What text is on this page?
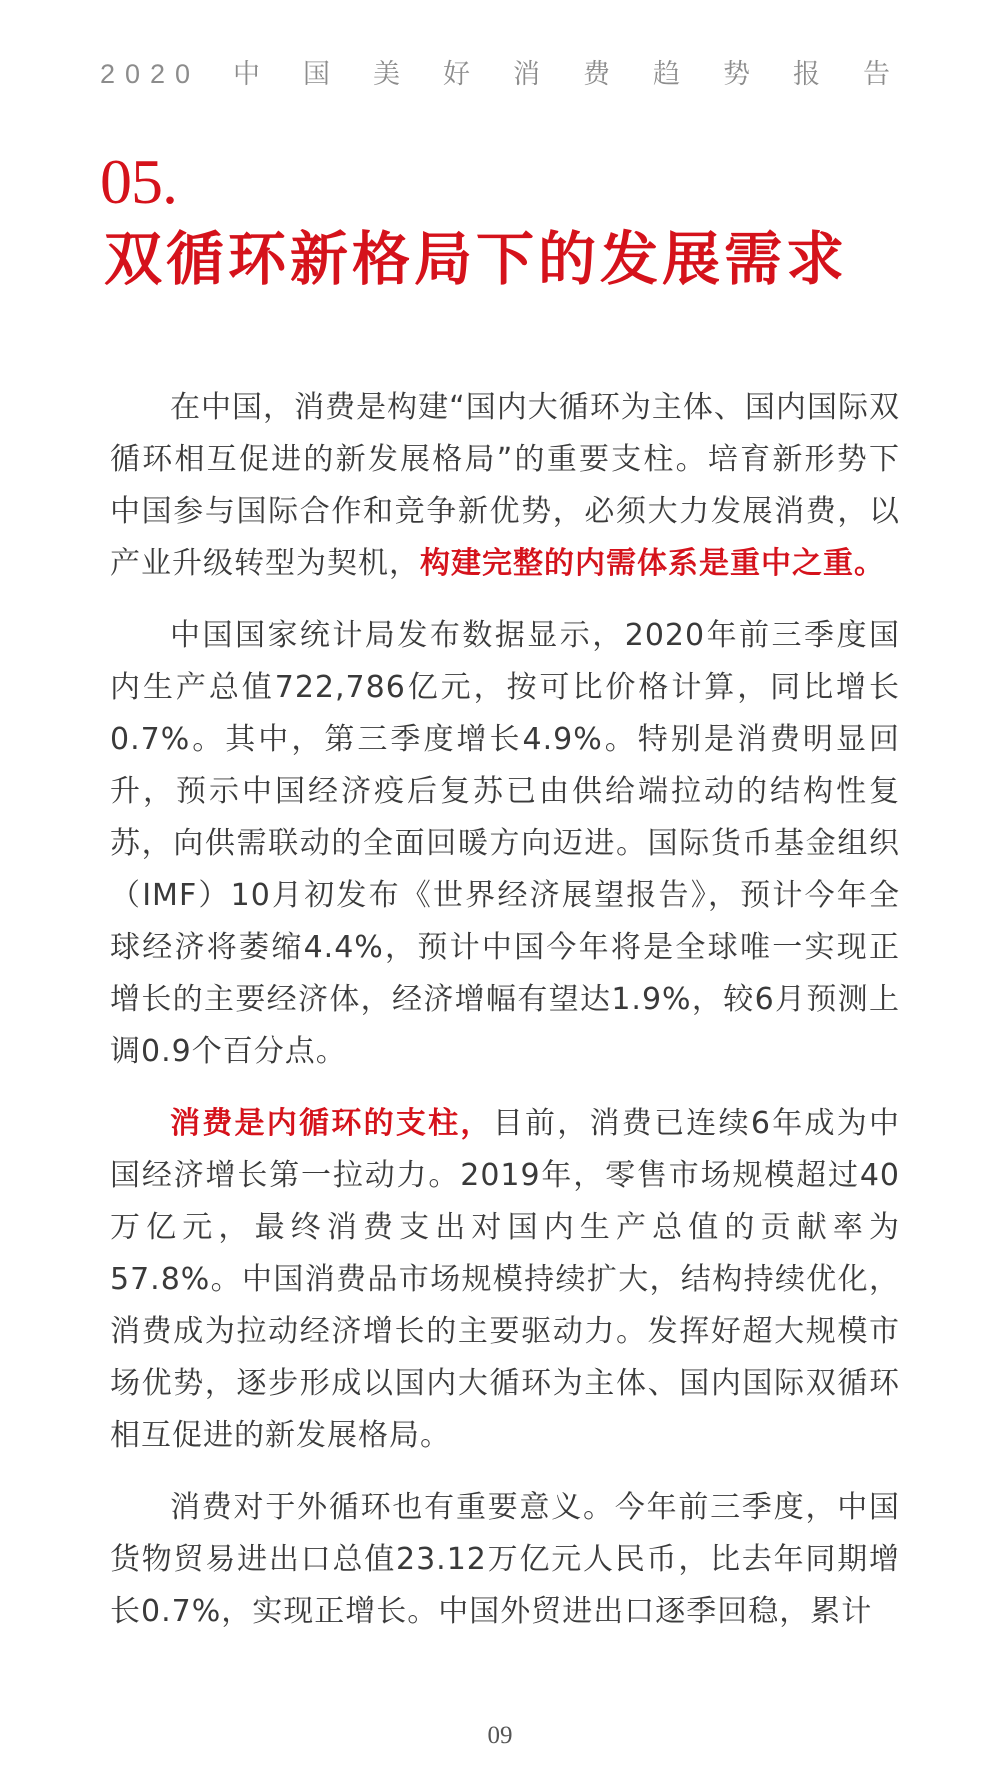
2020中国美好消费趋势报告
05.
双循环新格局下的发展需求

在中国，消费是构建“国内大循环为主体、国内国际双循环相互促进的新发展格局”的重要支柱。培育新形势下中国参与国际合作和竞争新优势，必须大力发展消费，以产业升级转型为契机，构建完整的内需体系是重中之重。

中国国家统计局发布数据显示，2020年前三季度国内生产总值722,786亿元，按可比价格计算，同比增长0.7%。其中，第三季度增长4.9%。特别是消费明显回升，预示中国经济疫后复苏已由供给端拉动的结构性复苏，向供需联动的全面回暖方向迈进。国际货币基金组织（IMF）10月初发布《世界经济展望报告》，预计今年全球经济将萎缩4.4%，预计中国今年将是全球唯一实现正增长的主要经济体，经济增幅有望达1.9%，较6月预测上调0.9个百分点。

消费是内循环的支柱，目前，消费已连续6年成为中国经济增长第一拉动力。2019年，零售市场规模超过40万亿元，最终消费支出对国内生产总值的贡献率为57.8%。中国消费品市场规模持续扩大，结构持续优化，消费成为拉动经济增长的主要驱动力。发挥好超大规模市场优势，逐步形成以国内大循环为主体、国内国际双循环相互促进的新发展格局。

消费对于外循环也有重要意义。今年前三季度，中国货物贸易进出口总值23.12万亿元人民币，比去年同期增长0.7%，实现正增长。中国外贸进出口逐季回稳，累计

09
